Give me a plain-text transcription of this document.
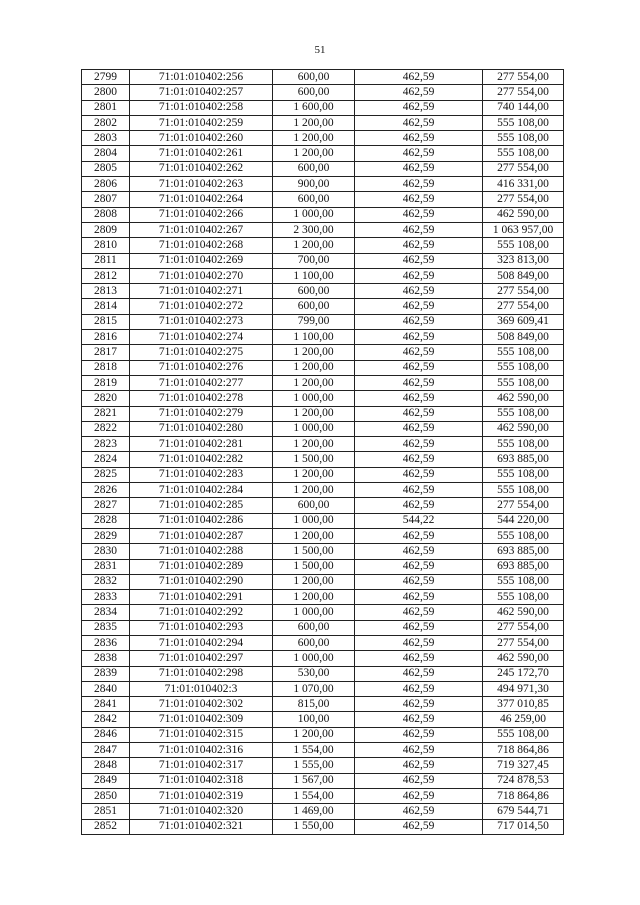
51
2799	71:01:010402:256	600,00	462,59	277 554,00
2800	71:01:010402:257	600,00	462,59	277 554,00
2801	71:01:010402:258	1 600,00	462,59	740 144,00
2802	71:01:010402:259	1 200,00	462,59	555 108,00
2803	71:01:010402:260	1 200,00	462,59	555 108,00
2804	71:01:010402:261	1 200,00	462,59	555 108,00
2805	71:01:010402:262	600,00	462,59	277 554,00
2806	71:01:010402:263	900,00	462,59	416 331,00
2807	71:01:010402:264	600,00	462,59	277 554,00
2808	71:01:010402:266	1 000,00	462,59	462 590,00
2809	71:01:010402:267	2 300,00	462,59	1 063 957,00
2810	71:01:010402:268	1 200,00	462,59	555 108,00
2811	71:01:010402:269	700,00	462,59	323 813,00
2812	71:01:010402:270	1 100,00	462,59	508 849,00
2813	71:01:010402:271	600,00	462,59	277 554,00
2814	71:01:010402:272	600,00	462,59	277 554,00
2815	71:01:010402:273	799,00	462,59	369 609,41
2816	71:01:010402:274	1 100,00	462,59	508 849,00
2817	71:01:010402:275	1 200,00	462,59	555 108,00
2818	71:01:010402:276	1 200,00	462,59	555 108,00
2819	71:01:010402:277	1 200,00	462,59	555 108,00
2820	71:01:010402:278	1 000,00	462,59	462 590,00
2821	71:01:010402:279	1 200,00	462,59	555 108,00
2822	71:01:010402:280	1 000,00	462,59	462 590,00
2823	71:01:010402:281	1 200,00	462,59	555 108,00
2824	71:01:010402:282	1 500,00	462,59	693 885,00
2825	71:01:010402:283	1 200,00	462,59	555 108,00
2826	71:01:010402:284	1 200,00	462,59	555 108,00
2827	71:01:010402:285	600,00	462,59	277 554,00
2828	71:01:010402:286	1 000,00	544,22	544 220,00
2829	71:01:010402:287	1 200,00	462,59	555 108,00
2830	71:01:010402:288	1 500,00	462,59	693 885,00
2831	71:01:010402:289	1 500,00	462,59	693 885,00
2832	71:01:010402:290	1 200,00	462,59	555 108,00
2833	71:01:010402:291	1 200,00	462,59	555 108,00
2834	71:01:010402:292	1 000,00	462,59	462 590,00
2835	71:01:010402:293	600,00	462,59	277 554,00
2836	71:01:010402:294	600,00	462,59	277 554,00
2838	71:01:010402:297	1 000,00	462,59	462 590,00
2839	71:01:010402:298	530,00	462,59	245 172,70
2840	71:01:010402:3	1 070,00	462,59	494 971,30
2841	71:01:010402:302	815,00	462,59	377 010,85
2842	71:01:010402:309	100,00	462,59	46 259,00
2846	71:01:010402:315	1 200,00	462,59	555 108,00
2847	71:01:010402:316	1 554,00	462,59	718 864,86
2848	71:01:010402:317	1 555,00	462,59	719 327,45
2849	71:01:010402:318	1 567,00	462,59	724 878,53
2850	71:01:010402:319	1 554,00	462,59	718 864,86
2851	71:01:010402:320	1 469,00	462,59	679 544,71
2852	71:01:010402:321	1 550,00	462,59	717 014,50
